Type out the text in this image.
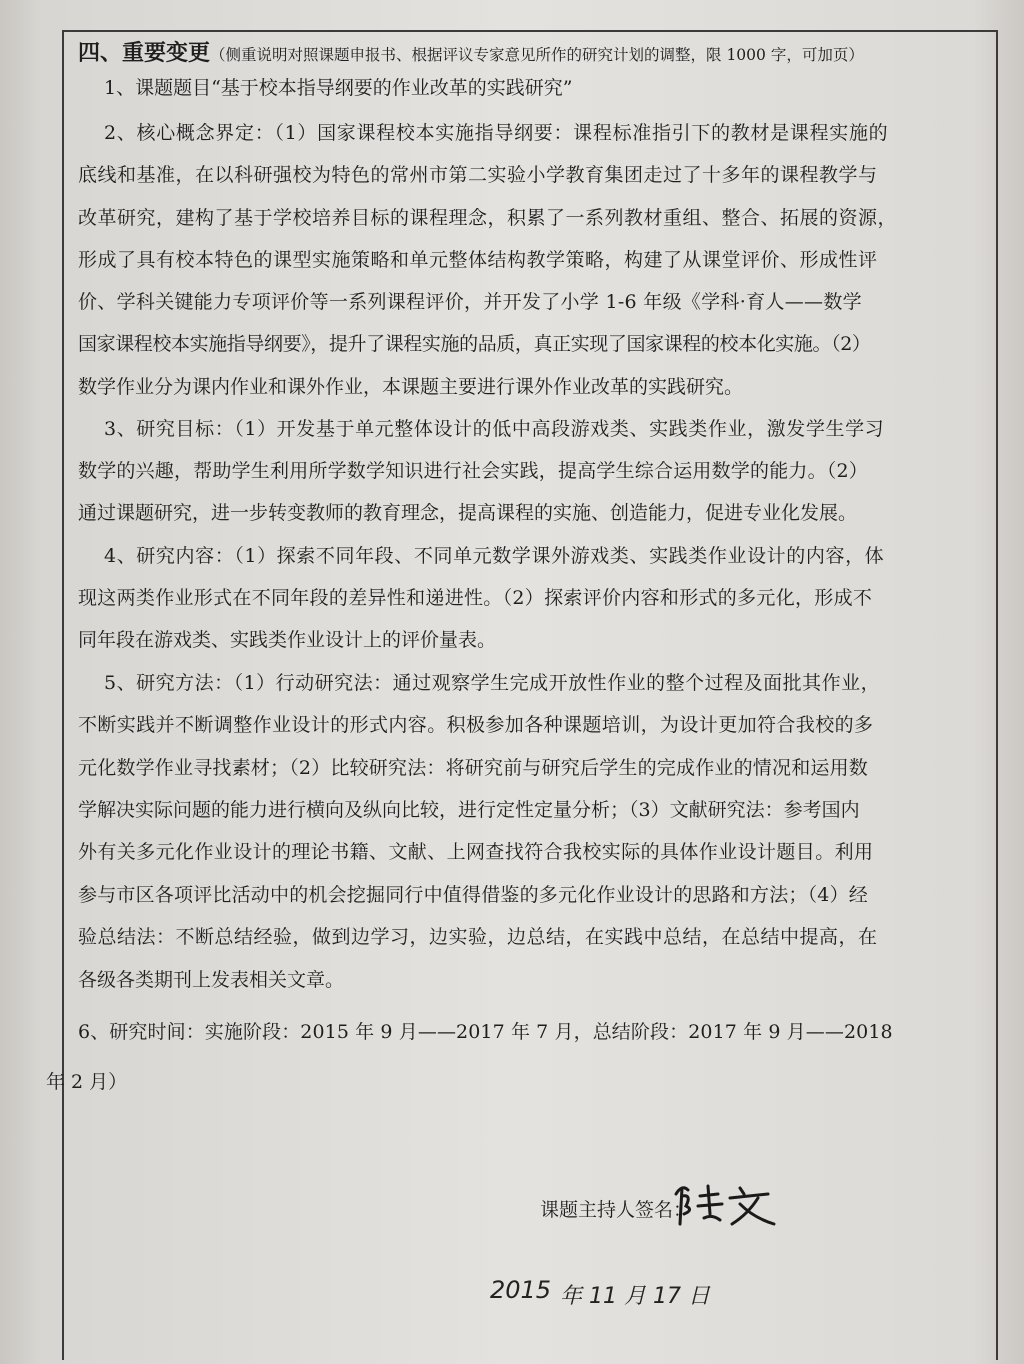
四、重要变更（侧重说明对照课题申报书、根据评议专家意见所作的研究计划的调整，限 1000 字，可加页）
1、课题题目“基于校本指导纲要的作业改革的实践研究”
2、核心概念界定：（1）国家课程校本实施指导纲要：课程标准指引下的教材是课程实施的
底线和基准，在以科研强校为特色的常州市第二实验小学教育集团走过了十多年的课程教学与
改革研究，建构了基于学校培养目标的课程理念，积累了一系列教材重组、整合、拓展的资源，
形成了具有校本特色的课型实施策略和单元整体结构教学策略，构建了从课堂评价、形成性评
价、学科关键能力专项评价等一系列课程评价，并开发了小学 1-6 年级《学科·育人——数学
国家课程校本实施指导纲要》，提升了课程实施的品质，真正实现了国家课程的校本化实施。（2）
数学作业分为课内作业和课外作业，本课题主要进行课外作业改革的实践研究。
3、研究目标：（1）开发基于单元整体设计的低中高段游戏类、实践类作业，激发学生学习
数学的兴趣，帮助学生利用所学数学知识进行社会实践，提高学生综合运用数学的能力。（2）
通过课题研究，进一步转变教师的教育理念，提高课程的实施、创造能力，促进专业化发展。
4、研究内容：（1）探索不同年段、不同单元数学课外游戏类、实践类作业设计的内容，体
现这两类作业形式在不同年段的差异性和递进性。（2）探索评价内容和形式的多元化，形成不
同年段在游戏类、实践类作业设计上的评价量表。
5、研究方法：（1）行动研究法：通过观察学生完成开放性作业的整个过程及面批其作业，
不断实践并不断调整作业设计的形式内容。积极参加各种课题培训，为设计更加符合我校的多
元化数学作业寻找素材；（2）比较研究法：将研究前与研究后学生的完成作业的情况和运用数
学解决实际问题的能力进行横向及纵向比较，进行定性定量分析；（3）文献研究法：参考国内
外有关多元化作业设计的理论书籍、文献、上网查找符合我校实际的具体作业设计题目。利用
参与市区各项评比活动中的机会挖掘同行中值得借鉴的多元化作业设计的思路和方法；（4）经
验总结法：不断总结经验，做到边学习，边实验，边总结，在实践中总结，在总结中提高，在
各级各类期刊上发表相关文章。
6、研究时间：实施阶段：2015 年 9 月——2017 年 7 月，总结阶段：2017 年 9 月——2018
年 2 月）
课题主持人签名：
2015 年 11 月 17 日
